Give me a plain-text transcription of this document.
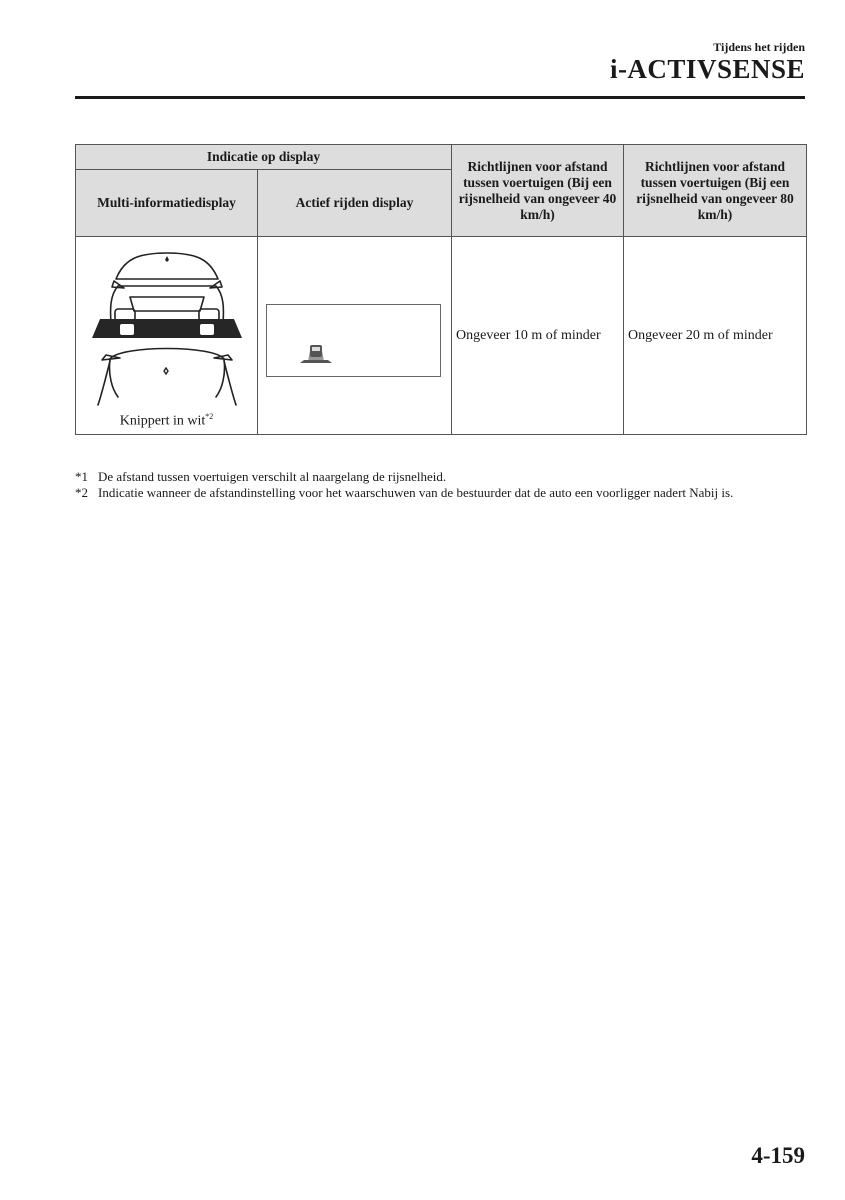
Tijdens het rijden
i-ACTIVSENSE
Indicatie op display		Richtlijnen voor afstand tussen voertuigen (Bij een rijsnelheid van ongeveer 40 km/h)	Richtlijnen voor afstand tussen voertuigen (Bij een rijsnelheid van ongeveer 80 km/h)
Multi-informatiedisplay	Actief rijden display		

Knippert in wit$^{*2}$		Ongeveer 10 m of minder	Ongeveer 20 m of minder
*1 De afstand tussen voertuigen verschilt al naargelang de rijsnelheid.
*2 Indicatie wanneer de afstandinstelling voor het waarschuwen van de bestuurder dat de auto een voorligger nadert Nabij is.
4-159
